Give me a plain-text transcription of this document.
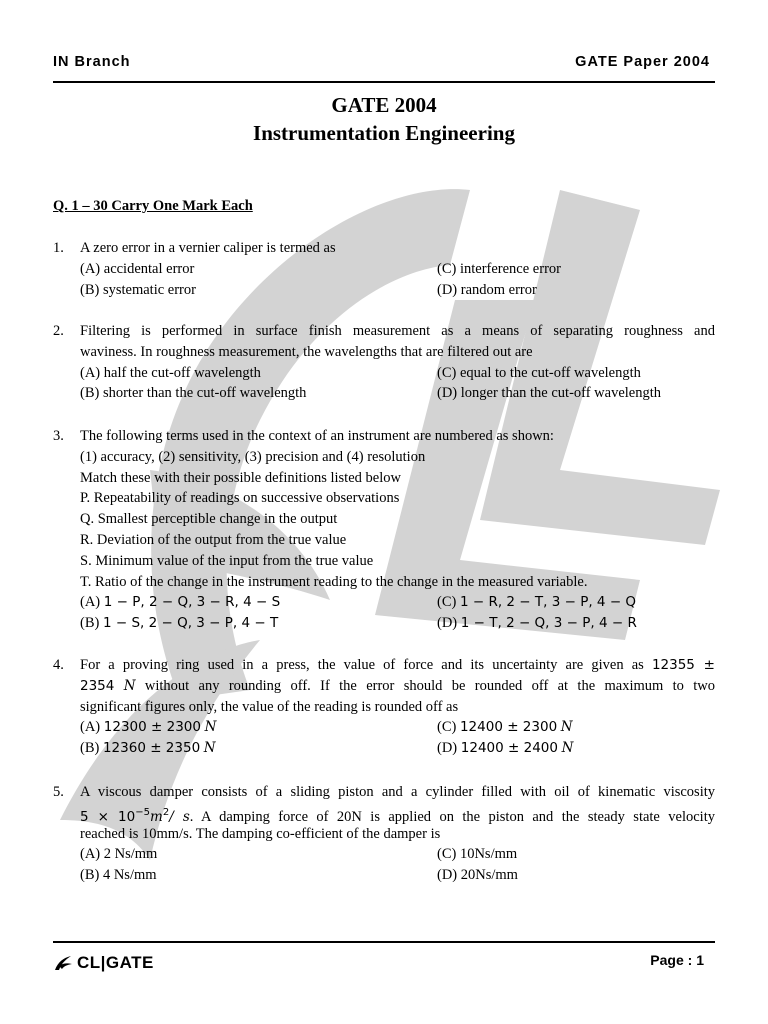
IN Branch	GATE Paper 2004
GATE 2004
Instrumentation Engineering
Q. 1 – 30 Carry One Mark Each
1. A zero error in a vernier caliper is termed as
(A) accidental error	(C) interference error
(B) systematic error	(D) random error
2. Filtering is performed in surface finish measurement as a means of separating roughness and
waviness. In roughness measurement, the wavelengths that are filtered out are
(A) half the cut-off wavelength	(C) equal to the cut-off wavelength
(B) shorter than the cut-off wavelength	(D) longer than the cut-off wavelength
3. The following terms used in the context of an instrument are numbered as shown:
(1) accuracy, (2) sensitivity, (3) precision and (4) resolution
Match these with their possible definitions listed below
P. Repeatability of readings on successive observations
Q. Smallest perceptible change in the output
R. Deviation of the output from the true value
S. Minimum value of the input from the true value
T. Ratio of the change in the instrument reading to the change in the measured variable.
(A) 1 − P, 2 − Q, 3 − R, 4 − S	(C) 1 − R, 2 − T, 3 − P, 4 − Q
(B) 1 − S, 2 − Q, 3 − P, 4 − T	(D) 1 − T, 2 − Q, 3 − P, 4 − R
4. For a proving ring used in a press, the value of force and its uncertainty are given as 12355 ±
2354 N without any rounding off. If the error should be rounded off at the maximum to two
significant figures only, the value of the reading is rounded off as
(A) 12300 ± 2300 N	(C) 12400 ± 2300 N
(B) 12360 ± 2350 N	(D) 12400 ± 2400 N
5. A viscous damper consists of a sliding piston and a cylinder filled with oil of kinematic viscosity
$5 \times 10^{-5}m^2/$ s. A damping force of 20N is applied on the piston and the steady state velocity
reached is 10mm/s. The damping co-efficient of the damper is
(A) 2 Ns/mm	(C) 10Ns/mm
(B) 4 Ns/mm	(D) 20Ns/mm
CL|GATE	Page : 1
